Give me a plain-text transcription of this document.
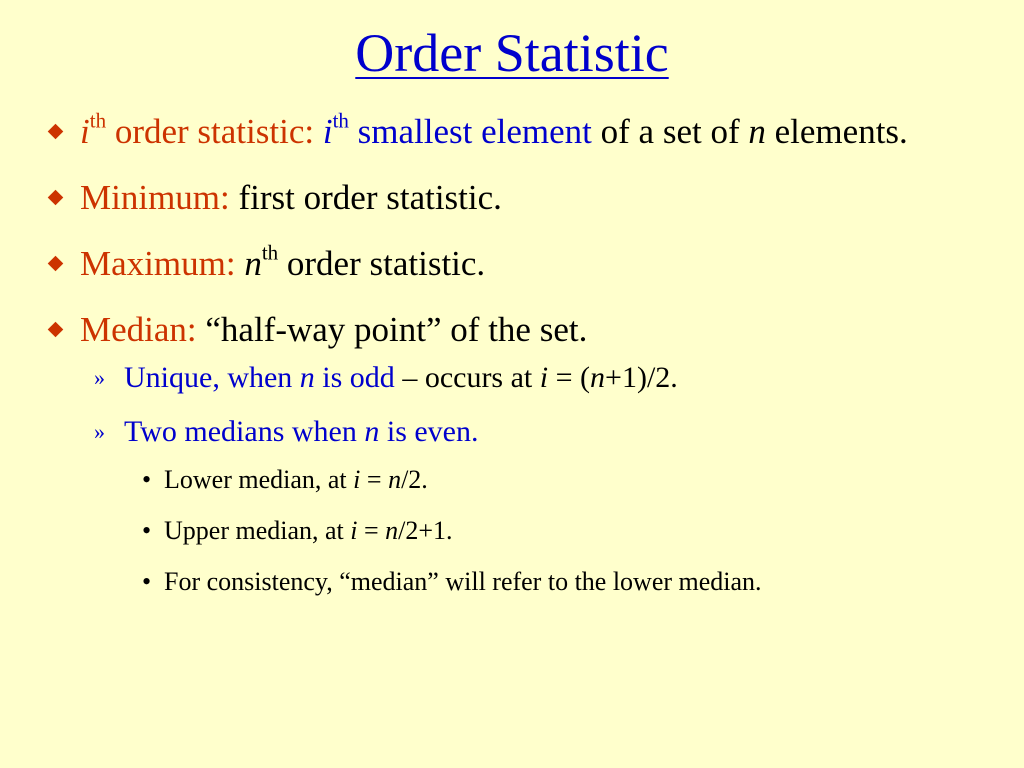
Order Statistic
$i^{th}$ order statistic: $i^{th}$ smallest element of a set of n elements.
Minimum: first order statistic.
Maximum: $n^{th}$ order statistic.
Median: “half-way point” of the set.
» Unique, when n is odd – occurs at i = (n+1)/2.
» Two medians when n is even.
• Lower median, at i = n/2.
• Upper median, at i = n/2+1.
• For consistency, “median” will refer to the lower median.
